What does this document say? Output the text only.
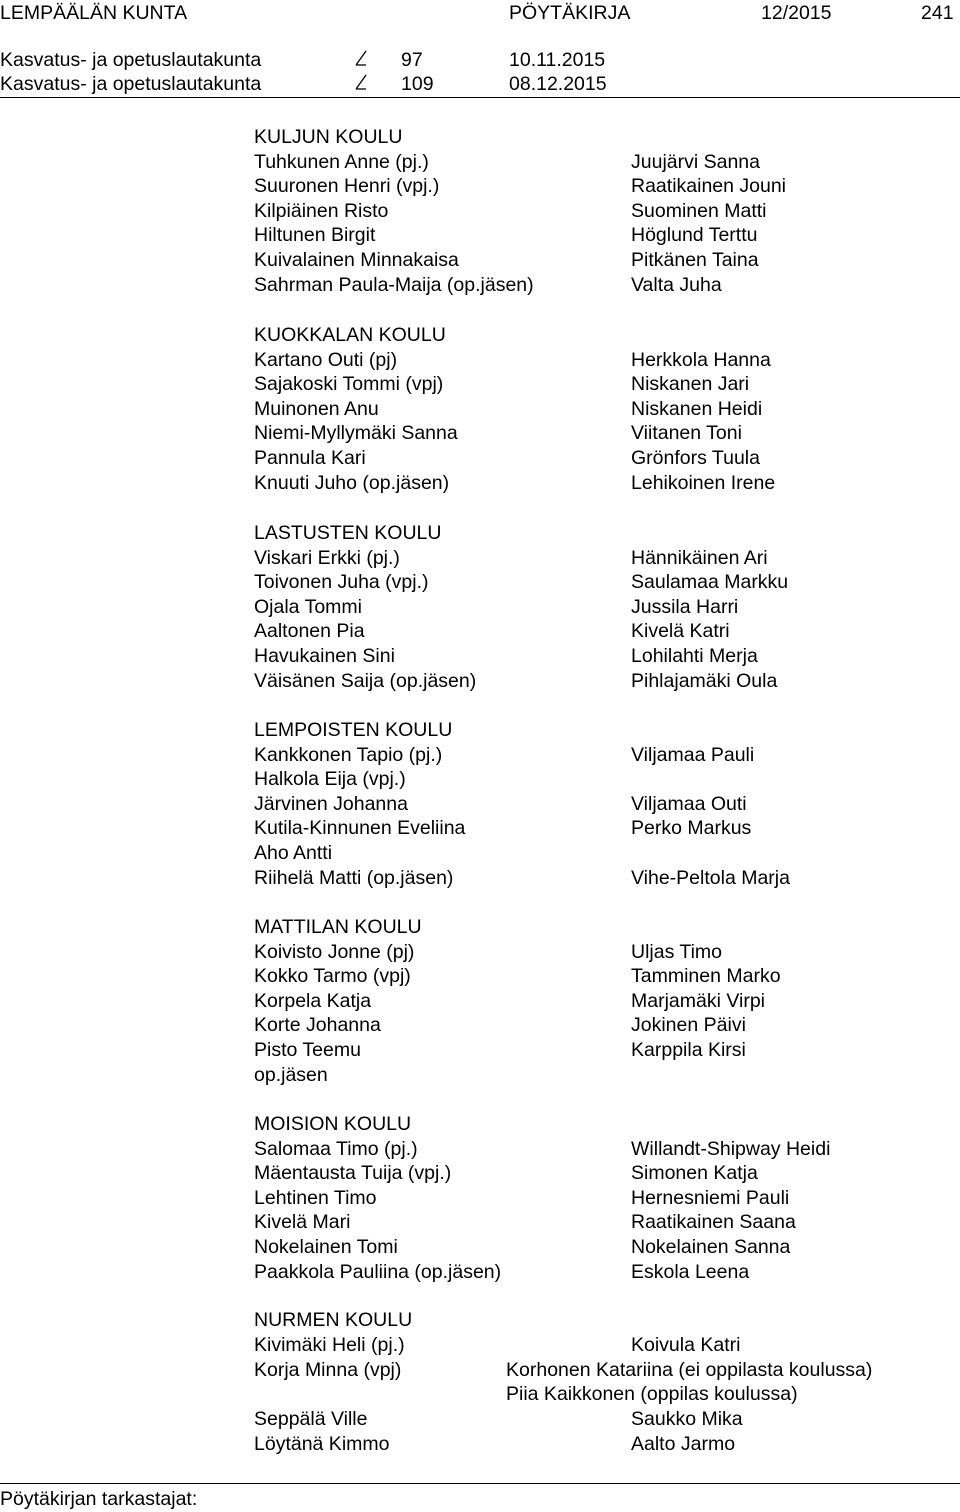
LEMPÄÄLÄN KUNTA	PÖYTÄKIRJA	12/2015	241
Kasvatus- ja opetuslautakunta	97	10.11.2015
Kasvatus- ja opetuslautakunta	109	08.12.2015
KULJUN KOULU
Tuhkunen Anne (pj.)	Juujärvi Sanna
Suuronen Henri (vpj.)	Raatikainen Jouni
Kilpiäinen Risto	Suominen Matti
Hiltunen Birgit	Höglund Terttu
Kuivalainen Minnakaisa	Pitkänen Taina
Sahrman Paula-Maija (op.jäsen)	Valta Juha
KUOKKALAN KOULU
Kartano Outi (pj)	Herkkola Hanna
Sajakoski Tommi (vpj)	Niskanen Jari
Muinonen Anu	Niskanen Heidi
Niemi-Myllymäki Sanna	Viitanen Toni
Pannula Kari	Grönfors Tuula
Knuuti Juho (op.jäsen)	Lehikoinen Irene
LASTUSTEN KOULU
Viskari Erkki (pj.)	Hännikäinen Ari
Toivonen Juha (vpj.)	Saulamaa Markku
Ojala Tommi	Jussila Harri
Aaltonen Pia	Kivelä Katri
Havukainen Sini	Lohilahti Merja
Väisänen Saija (op.jäsen)	Pihlajamäki Oula
LEMPOISTEN KOULU
Kankkonen Tapio (pj.)	Viljamaa Pauli
Halkola Eija (vpj.)
Järvinen Johanna	Viljamaa Outi
Kutila-Kinnunen Eveliina	Perko Markus
Aho Antti
Riihelä Matti (op.jäsen)	Vihe-Peltola Marja
MATTILAN KOULU
Koivisto Jonne (pj)	Uljas Timo
Kokko Tarmo (vpj)	Tamminen Marko
Korpela Katja	Marjamäki Virpi
Korte Johanna	Jokinen Päivi
Pisto Teemu	Karppila Kirsi
op.jäsen
MOISION KOULU
Salomaa Timo (pj.)	Willandt-Shipway Heidi
Mäentausta Tuija (vpj.)	Simonen Katja
Lehtinen Timo	Hernesniemi Pauli
Kivelä Mari	Raatikainen Saana
Nokelainen Tomi	Nokelainen Sanna
Paakkola Pauliina (op.jäsen)	Eskola Leena
NURMEN KOULU
Kivimäki Heli (pj.)	Koivula Katri
Korja Minna (vpj)	Korhonen Katariina (ei oppilasta koulussa)
Piia Kaikkonen (oppilas koulussa)
Seppälä Ville	Saukko Mika
Löytänä Kimmo	Aalto Jarmo
Pöytäkirjan tarkastajat:
